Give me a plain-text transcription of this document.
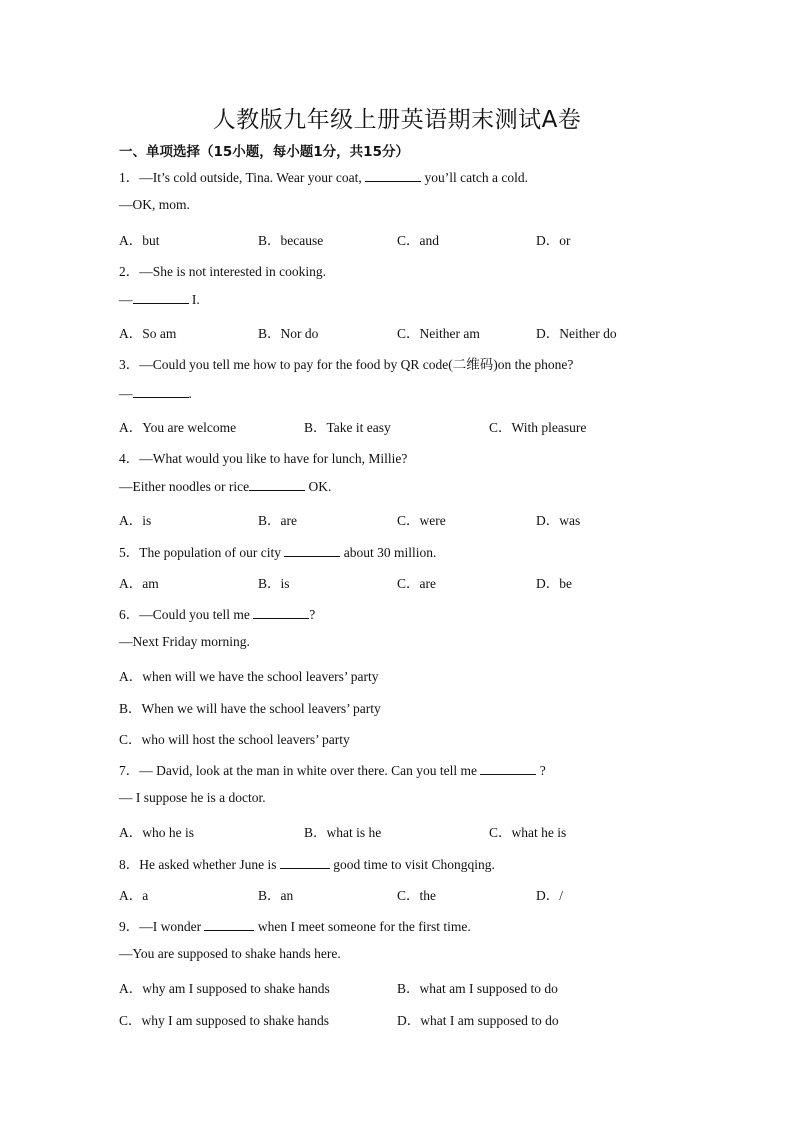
人教版九年级上册英语期末测试A卷
一、单项选择（15小题，每小题1分，共15分）
1．—It’s cold outside, Tina. Wear your coat,	you’ll catch a cold.
—OK, mom.
A．but	B．because	C．and	D．or
2．—She is not interested in cooking.
—	I.
A．So am	B．Nor do	C．Neither am	D．Neither do
3．—Could you tell me how to pay for the food by QR code(二维码)on the phone?
—	.
A．You are welcome	B．Take it easy	C．With pleasure
4．—What would you like to have for lunch, Millie?
—Either noodles or rice	OK.
A．is	B．are	C．were	D．was
5．The population of our city	about 30 million.
A．am	B．is	C．are	D．be
6．—Could you tell me	?
—Next Friday morning.
A．when will we have the school leavers’ party
B．When we will have the school leavers’ party
C．who will host the school leavers’ party
7．— David, look at the man in white over there. Can you tell me	?
— I suppose he is a doctor.
A．who he is	B．what is he	C．what he is
8．He asked whether June is	good time to visit Chongqing.
A．a	B．an	C．the	D．/
9．—I wonder	when I meet someone for the first time.
—You are supposed to shake hands here.
A．why am I supposed to shake hands	B．what am I supposed to do
C．why I am supposed to shake hands	D．what I am supposed to do
